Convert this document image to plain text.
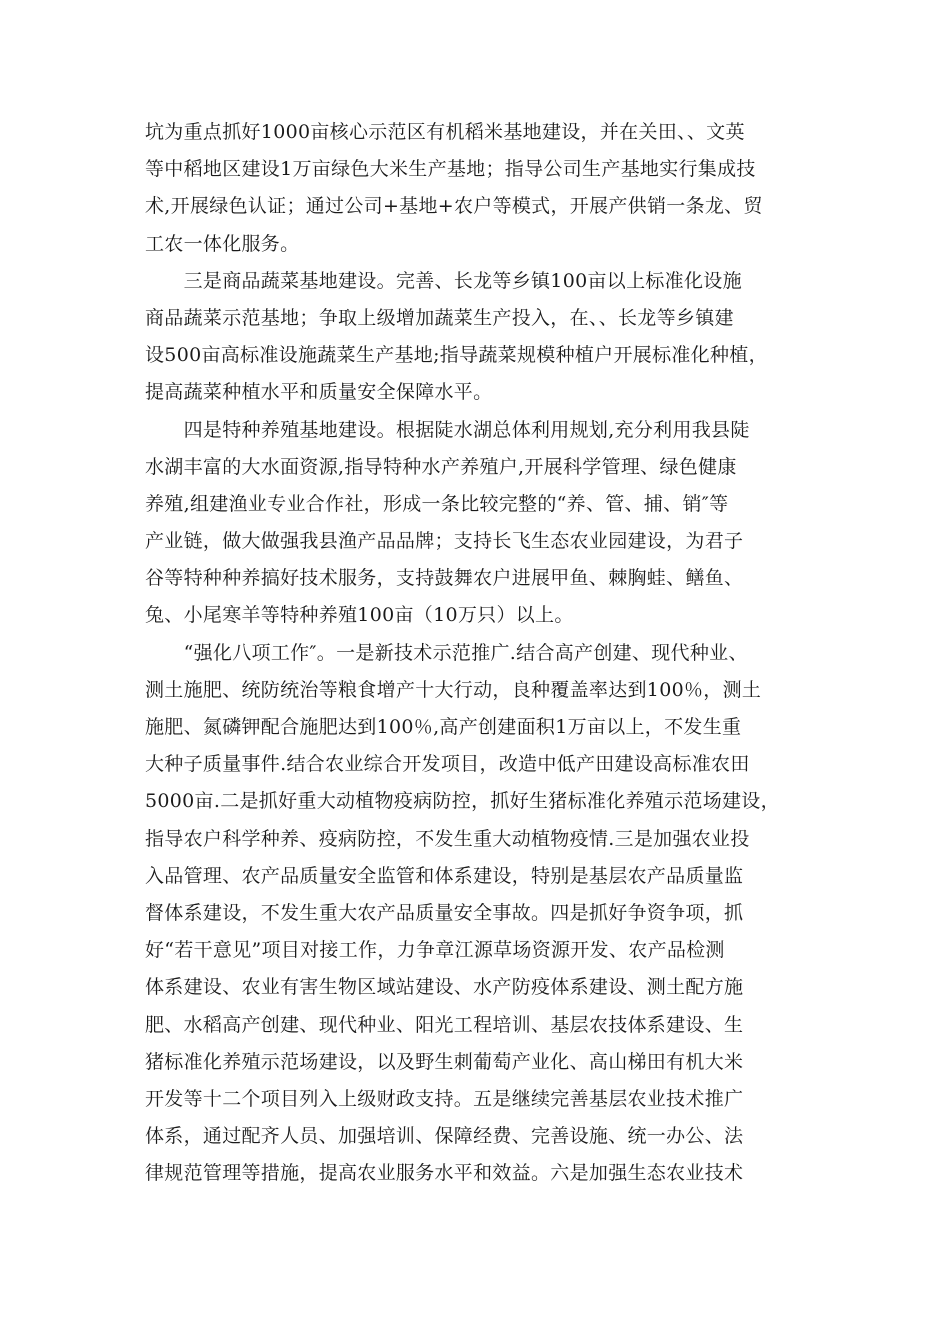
坑为重点抓好1000亩核心示范区有机稻米基地建设，并在关田、、文英
等中稻地区建设1万亩绿色大米生产基地；指导公司生产基地实行集成技
术,开展绿色认证；通过公司+基地+农户等模式，开展产供销一条龙、贸
工农一体化服务。
　　三是商品蔬菜基地建设。完善、长龙等乡镇100亩以上标准化设施
商品蔬菜示范基地；争取上级增加蔬菜生产投入，在、、长龙等乡镇建
设500亩高标准设施蔬菜生产基地;指导蔬菜规模种植户开展标准化种植，
提高蔬菜种植水平和质量安全保障水平。
　　四是特种养殖基地建设。根据陡水湖总体利用规划,充分利用我县陡
水湖丰富的大水面资源,指导特种水产养殖户,开展科学管理、绿色健康
养殖,组建渔业专业合作社，形成一条比较完整的“养、管、捕、销″等
产业链，做大做强我县渔产品品牌；支持长飞生态农业园建设，为君子
谷等特种种养搞好技术服务，支持鼓舞农户进展甲鱼、棘胸蛙、鳝鱼、
兔、小尾寒羊等特种养殖100亩（10万只）以上。
　　“强化八项工作″。一是新技术示范推广.结合高产创建、现代种业、
测土施肥、统防统治等粮食增产十大行动，良种覆盖率达到100％，测土
施肥、氮磷钾配合施肥达到100％,高产创建面积1万亩以上，不发生重
大种子质量事件.结合农业综合开发项目，改造中低产田建设高标准农田
5000亩.二是抓好重大动植物疫病防控，抓好生猪标准化养殖示范场建设，
指导农户科学种养、疫病防控，不发生重大动植物疫情.三是加强农业投
入品管理、农产品质量安全监管和体系建设，特别是基层农产品质量监
督体系建设，不发生重大农产品质量安全事故。四是抓好争资争项，抓
好“若干意见”项目对接工作，力争章江源草场资源开发、农产品检测
体系建设、农业有害生物区域站建设、水产防疫体系建设、测土配方施
肥、水稻高产创建、现代种业、阳光工程培训、基层农技体系建设、生
猪标准化养殖示范场建设，以及野生刺葡萄产业化、高山梯田有机大米
开发等十二个项目列入上级财政支持。五是继续完善基层农业技术推广
体系，通过配齐人员、加强培训、保障经费、完善设施、统一办公、法
律规范管理等措施，提高农业服务水平和效益。六是加强生态农业技术
